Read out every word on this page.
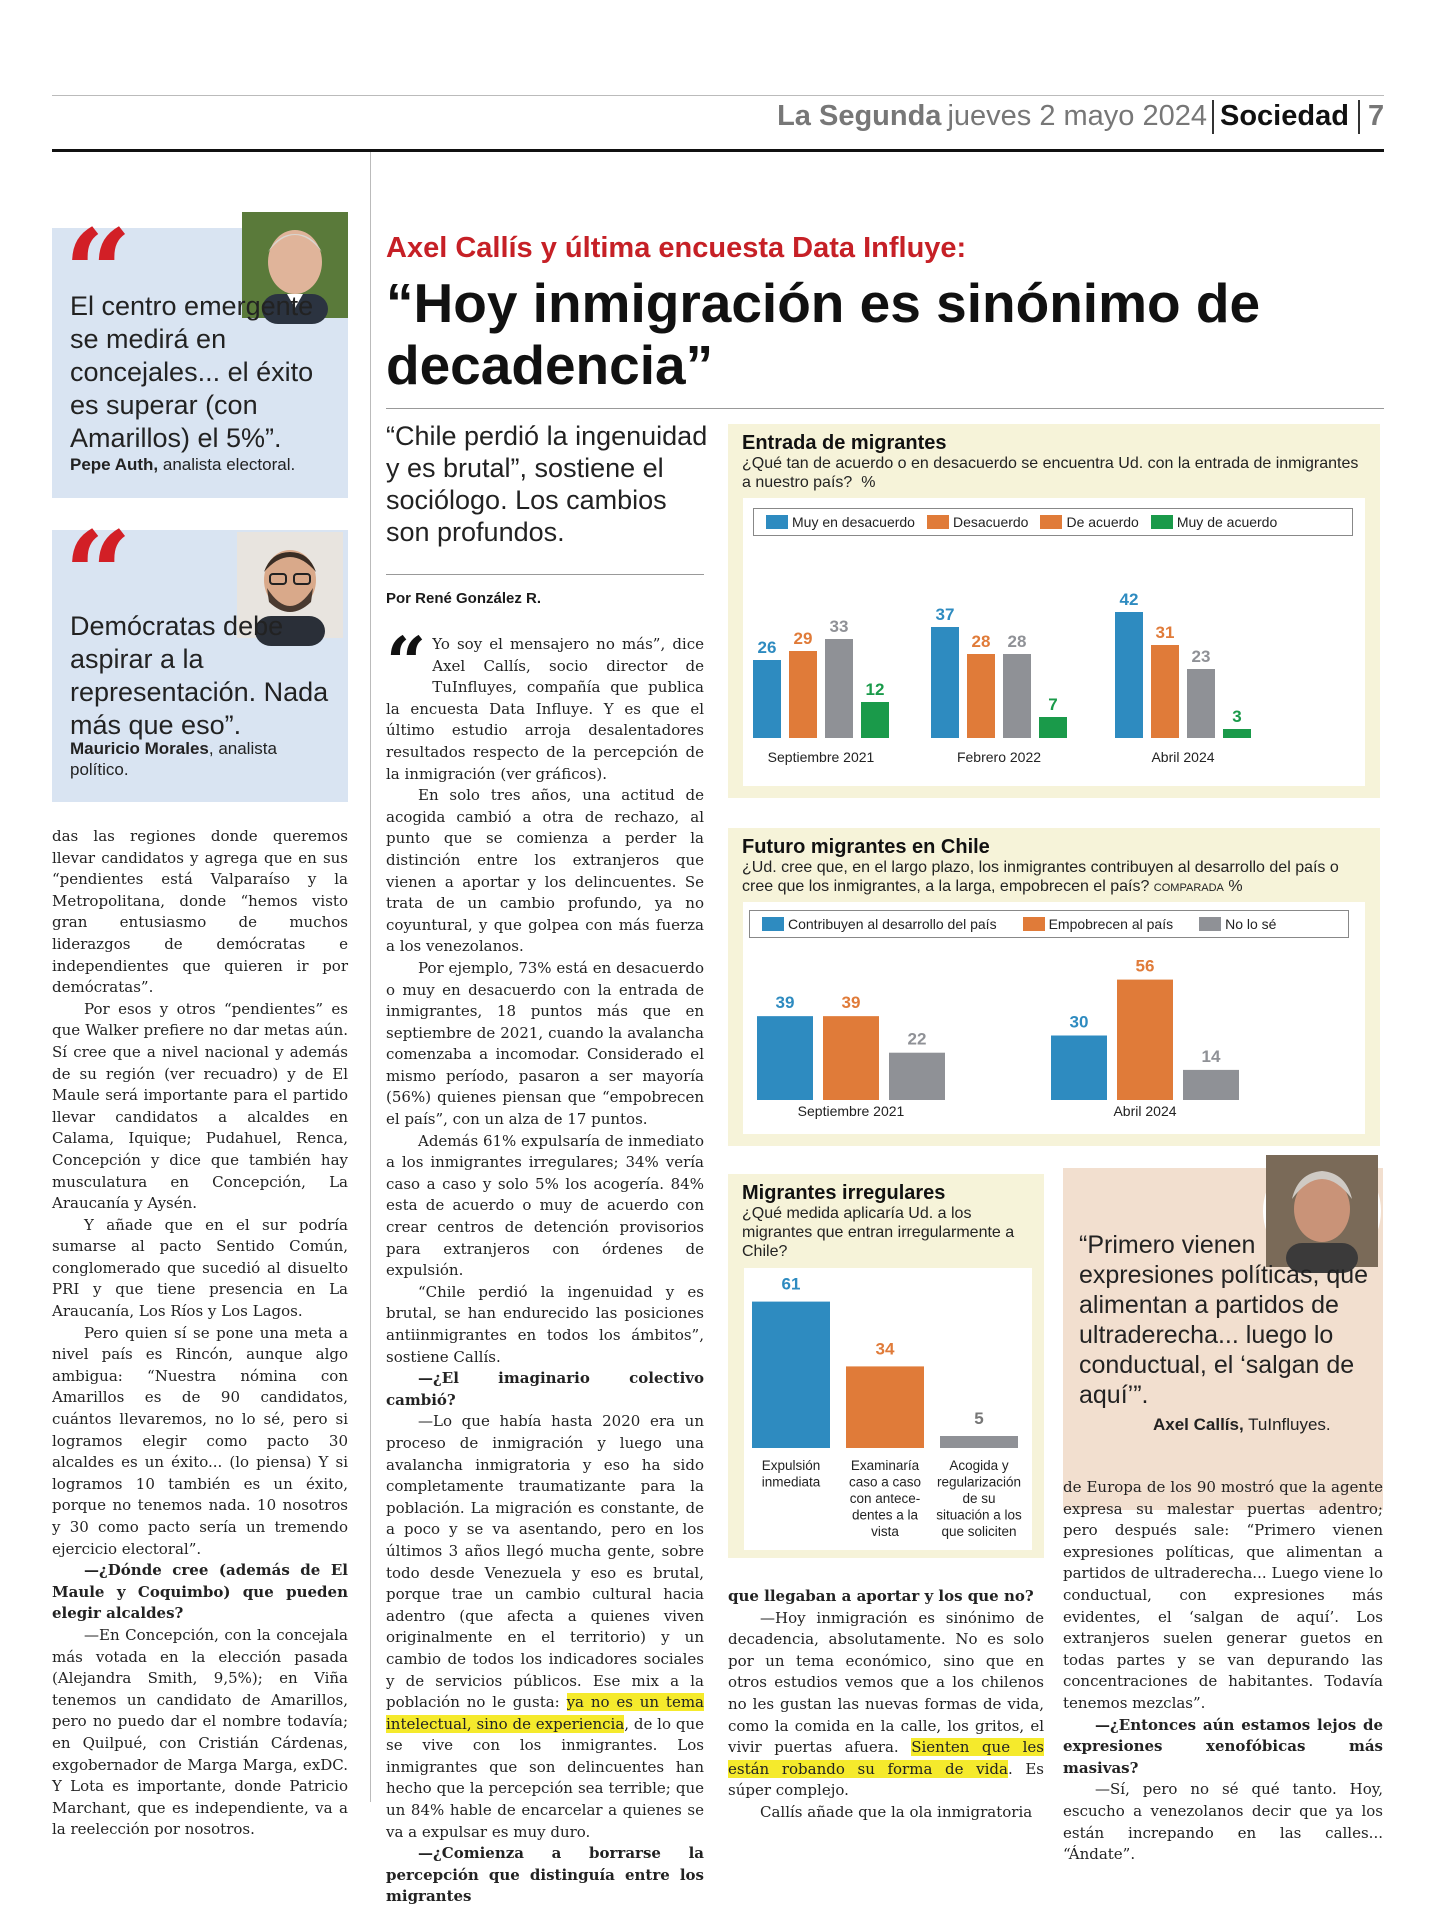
La Segunda jueves 2 mayo 2024 Sociedad 7
“
El centro emergente se medirá en concejales... el éxito es superar (con Amarillos) el 5%”.
Pepe Auth, analista electoral.
“
Demócratas debe aspirar a la representación. Nada más que eso”.
Mauricio Morales, analista político.

das las regiones donde queremos llevar candidatos y agrega que en sus “pendientes está Valparaíso y la Metropolitana, donde “hemos visto gran entusiasmo de muchos liderazgos de demócratas e independientes que quieren ir por demócratas”.

Por esos y otros “pendientes” es que Walker prefiere no dar metas aún. Sí cree que a nivel nacional y además de su región (ver recuadro) y de El Maule será importante para el partido llevar candidatos a alcaldes en Calama, Iquique; Pudahuel, Renca, Concepción y dice que también hay musculatura en Concepción, La Araucanía y Aysén.

Y añade que en el sur podría sumarse al pacto Sentido Común, conglomerado que sucedió al disuelto PRI y que tiene presencia en La Araucanía, Los Ríos y Los Lagos.

Pero quien sí se pone una meta a nivel país es Rincón, aunque algo ambigua: “Nuestra nómina con Amarillos es de 90 candidatos, cuántos llevaremos, no lo sé, pero si logramos elegir como pacto 30 alcaldes es un éxito... (lo piensa) Y si logramos 10 también es un éxito, porque no tenemos nada. 10 nosotros y 30 como pacto sería un tremendo ejercicio electoral”.

—¿Dónde cree (además de El Maule y Coquimbo) que pueden elegir alcaldes?

—En Concepción, con la concejala más votada en la elección pasada (Alejandra Smith, 9,5%); en Viña tenemos un candidato de Amarillos, pero no puedo dar el nombre todavía; en Quilpué, con Cristián Cárdenas, exgobernador de Marga Marga, exDC. Y Lota es importante, donde Patricio Marchant, que es independiente, va a la reelección por nosotros.

Axel Callís y última encuesta Data Influye:
“Hoy inmigración es sinónimo de decadencia”
“Chile perdió la ingenuidad y es brutal”, sostiene el sociólogo. Los cambios son profundos.
Por René González R.

“ Yo soy el mensajero no más”, dice Axel Callís, socio director de TuInfluyes, compañía que publica la encuesta Data Influye. Y es que el último estudio arroja desalentadores resultados respecto de la percepción de la inmigración (ver gráficos).

En solo tres años, una actitud de acogida cambió a otra de rechazo, al punto que se comienza a perder la distinción entre los extranjeros que vienen a aportar y los delincuentes. Se trata de un cambio profundo, ya no coyuntural, y que golpea con más fuerza a los venezolanos.

Por ejemplo, 73% está en desacuerdo o muy en desacuerdo con la entrada de inmigrantes, 18 puntos más que en septiembre de 2021, cuando la avalancha comenzaba a incomodar. Considerado el mismo período, pasaron a ser mayoría (56%) quienes piensan que “empobrecen el país”, con un alza de 17 puntos.

Además 61% expulsaría de inmediato a los inmigrantes irregulares; 34% vería caso a caso y solo 5% los acogería. 84% esta de acuerdo o muy de acuerdo con crear centros de detención provisorios para extranjeros con órdenes de expulsión.

“Chile perdió la ingenuidad y es brutal, se han endurecido las posiciones antiinmigrantes en todos los ámbitos”, sostiene Callís.

—¿El imaginario colectivo cambió?

—Lo que había hasta 2020 era un proceso de inmigración y luego una avalancha inmigratoria y eso ha sido completamente traumatizante para la población. La migración es constante, de a poco y se va asentando, pero en los últimos 3 años llegó mucha gente, sobre todo desde Venezuela y eso es brutal, porque trae un cambio cultural hacia adentro (que afecta a quienes viven originalmente en el territorio) y un cambio de todos los indicadores sociales y de servicios públicos. Ese mix a la población no le gusta: ya no es un tema intelectual, sino de experiencia, de lo que se vive con los inmigrantes. Los inmigrantes que son delincuentes han hecho que la percepción sea terrible; que un 84% hable de encarcelar a quienes se va a expulsar es muy duro.

—¿Comienza a borrarse la percepción que distinguía entre los migrantes

Entrada de migrantes
¿Qué tan de acuerdo o en desacuerdo se encuentra Ud. con la entrada de inmigrantes a nuestro país? %
Muy en desacuerdo	Desacuerdo	De acuerdo	Muy de acuerdo
26 29
33
12
Septiembre 2021
37
28 28
7
Febrero 2022
42
31
23
3
Abril 2024
Futuro migrantes en Chile
¿Ud. cree que, en el largo plazo, los inmigrantes contribuyen al desarrollo del país o cree que los inmigrantes, a la larga, empobrecen el país? COMPARADA %
Contribuyen al desarrollo del país	Empobrecen al país	No lo sé
39	39
22
Septiembre 2021
30
56
14
Abril 2024
Migrantes irregulares
¿Qué medida aplicaría Ud. a los migrantes que entran irregularmente a Chile?
61
Expulsión inmediata
34
Examinaría caso a caso con antece-dentes a la vista
5
Acogida y regularización de su situación a los que soliciten
“Primero vienen expresiones políticas, que alimentan a partidos de ultraderecha... luego lo conductual, el ‘salgan de aquí’”.
Axel Callís, TuInfluyes.

que llegaban a aportar y los que no?

—Hoy inmigración es sinónimo de decadencia, absolutamente. No es solo por un tema económico, sino que en otros estudios vemos que a los chilenos no les gustan las nuevas formas de vida, como la comida en la calle, los gritos, el vivir puertas afuera. Sienten que les están robando su forma de vida. Es súper complejo.

Callís añade que la ola inmigratoria

de Europa de los 90 mostró que la agente expresa su malestar puertas adentro; pero después sale: “Primero vienen expresiones políticas, que alimentan a partidos de ultraderecha... Luego viene lo conductual, con expresiones más evidentes, el ‘salgan de aquí’. Los extranjeros suelen generar guetos en todas partes y se van depurando las concentraciones de habitantes. Todavía tenemos mezclas”.

—¿Entonces aún estamos lejos de expresiones xenofóbicas más masivas?

—Sí, pero no sé qué tanto. Hoy, escucho a venezolanos decir que ya los están increpando en las calles... “Ándate”.
